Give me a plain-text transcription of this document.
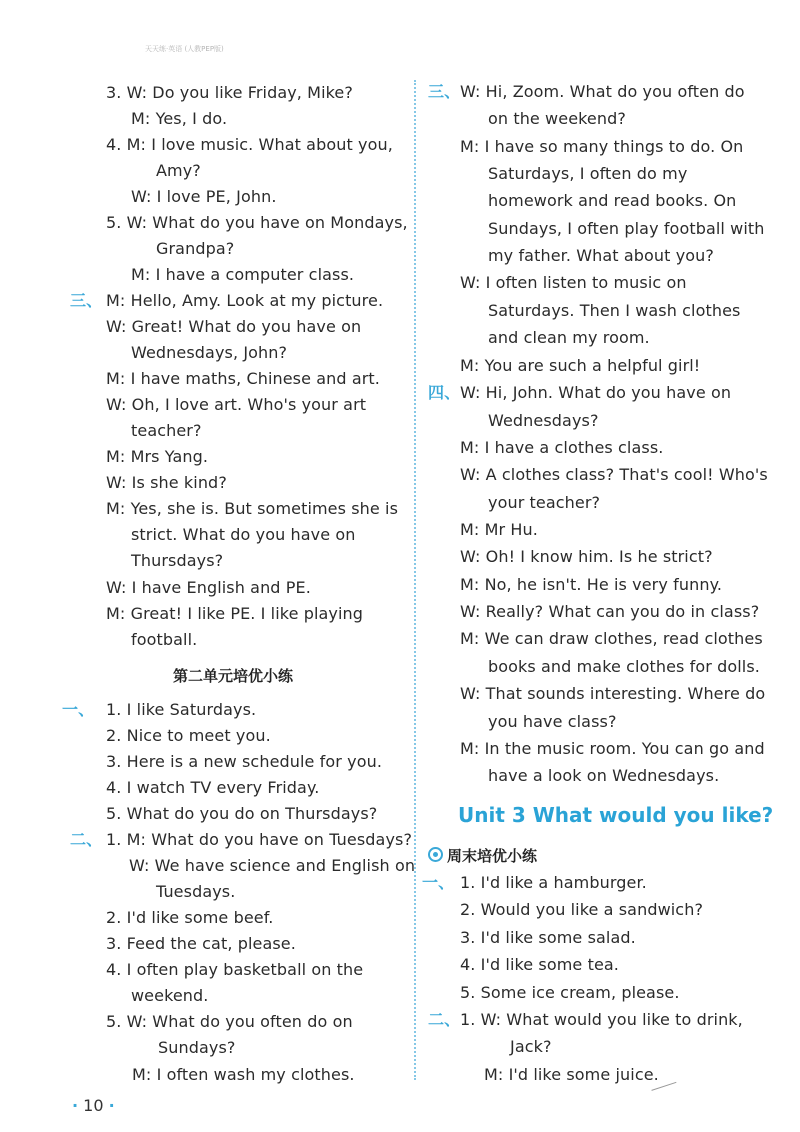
天天练·英语 (人教PEP版)
3. W: Do you like Friday, Mike?
M: Yes, I do.
4. M: I love music. What about you,
Amy?
W: I love PE, John.
5. W: What do you have on Mondays,
Grandpa?
M: I have a computer class.
三、 M: Hello, Amy. Look at my picture.
W: Great! What do you have on
Wednesdays, John?
M: I have maths, Chinese and art.
W: Oh, I love art. Who's your art
teacher?
M: Mrs Yang.
W: Is she kind?
M: Yes, she is. But sometimes she is
strict. What do you have on
Thursdays?
W: I have English and PE.
M: Great! I like PE. I like playing
football.
第二单元培优小练
一、 1. I like Saturdays.
2. Nice to meet you.
3. Here is a new schedule for you.
4. I watch TV every Friday.
5. What do you do on Thursdays?
二、 1. M: What do you have on Tuesdays?
W: We have science and English on
Tuesdays.
2. I'd like some beef.
3. Feed the cat, please.
4. I often play basketball on the
weekend.
5. W: What do you often do on
Sundays?
M: I often wash my clothes.
三、 W: Hi, Zoom. What do you often do
on the weekend?
M: I have so many things to do. On
Saturdays, I often do my
homework and read books. On
Sundays, I often play football with
my father. What about you?
W: I often listen to music on
Saturdays. Then I wash clothes
and clean my room.
M: You are such a helpful girl!
四、 W: Hi, John. What do you have on
Wednesdays?
M: I have a clothes class.
W: A clothes class? That's cool! Who's
your teacher?
M: Mr Hu.
W: Oh! I know him. Is he strict?
M: No, he isn't. He is very funny.
W: Really? What can you do in class?
M: We can draw clothes, read clothes
books and make clothes for dolls.
W: That sounds interesting. Where do
you have class?
M: In the music room. You can go and
have a look on Wednesdays.
Unit 3 What would you like?
周末培优小练
一、 1. I'd like a hamburger.
2. Would you like a sandwich?
3. I'd like some salad.
4. I'd like some tea.
5. Some ice cream, please.
二、 1. W: What would you like to drink,
Jack?
M: I'd like some juice.
· 10 ·
